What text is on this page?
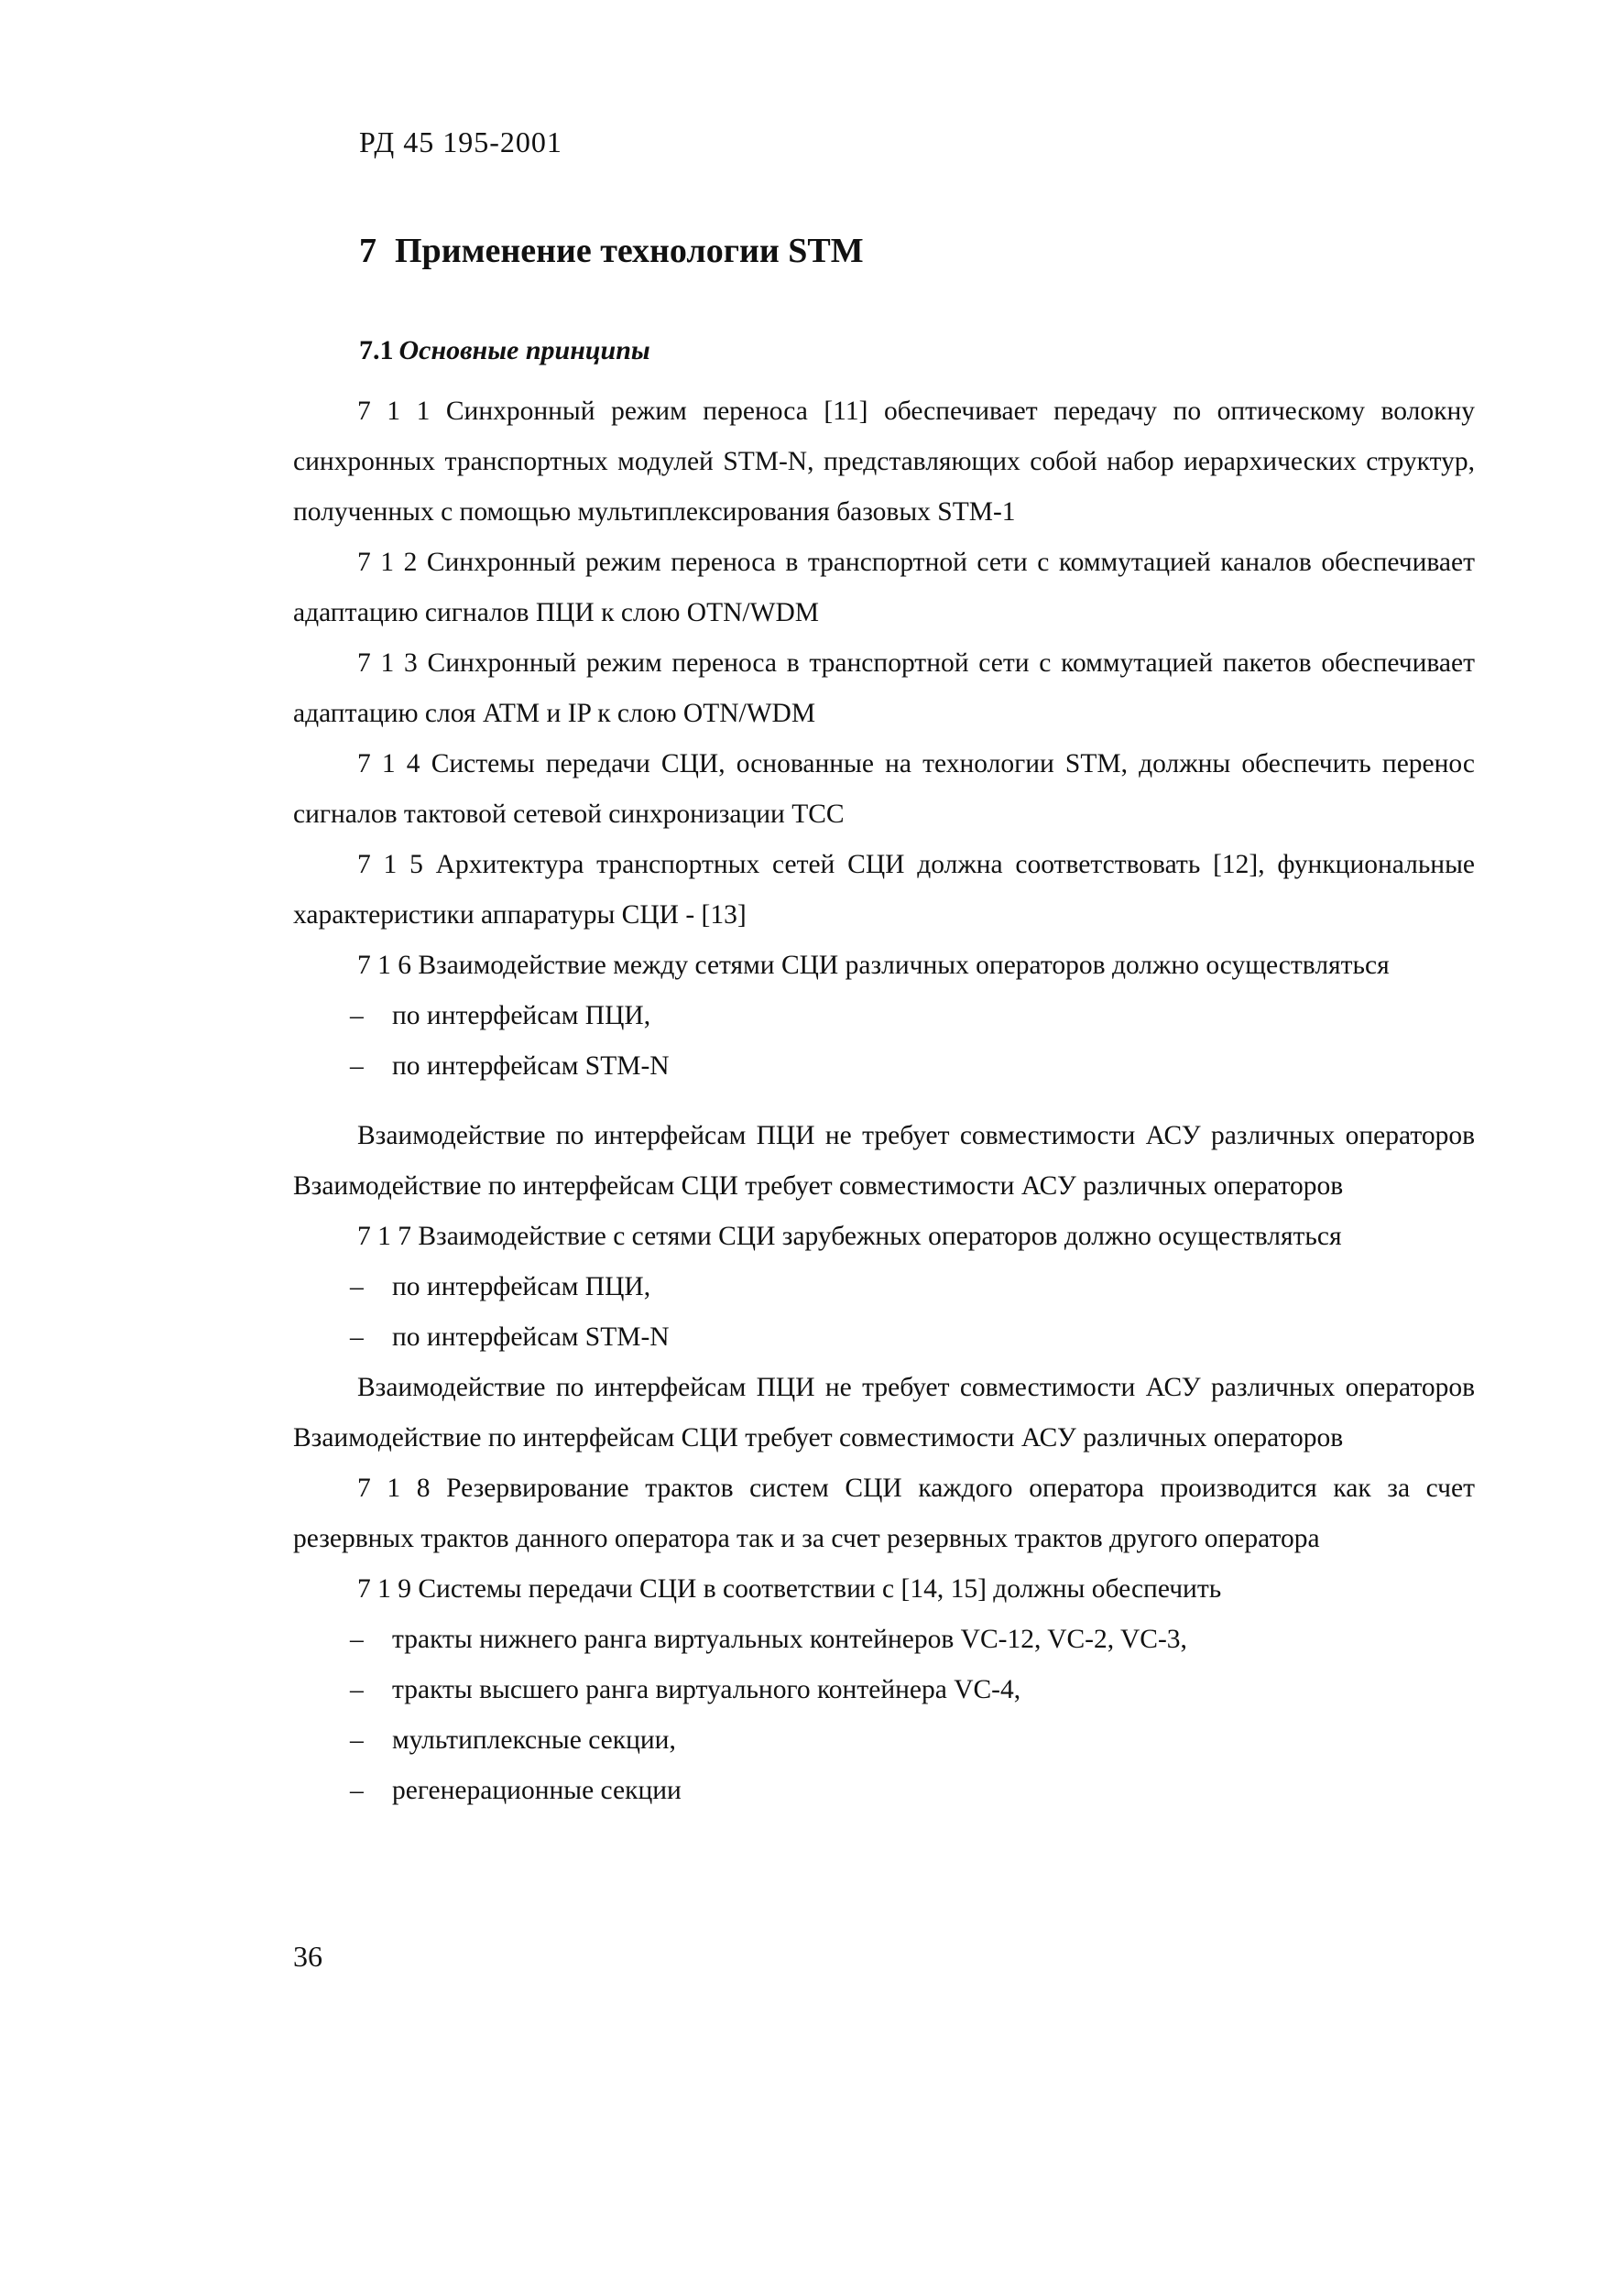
РД 45 195-2001
7 Применение технологии STM
7.1 Основные принципы

7 1 1 Синхронный режим переноса [11] обеспечивает передачу по оптическому волокну синхронных транспортных модулей STM-N, представляющих собой набор иерархических структур, полученных с помощью мультиплексирования базовых STM-1

7 1 2 Синхронный режим переноса в транспортной сети с коммутацией каналов обеспечивает адаптацию сигналов ПЦИ к слою OTN/WDM

7 1 3 Синхронный режим переноса в транспортной сети с коммутацией пакетов обеспечивает адаптацию слоя ATM и IP к слою OTN/WDM

7 1 4 Системы передачи СЦИ, основанные на технологии STM, должны обеспечить перенос сигналов тактовой сетевой синхронизации ТСС

7 1 5 Архитектура транспортных сетей СЦИ должна соответствовать [12], функциональные характеристики аппаратуры СЦИ - [13]

7 1 6 Взаимодействие между сетями СЦИ различных операторов должно осуществляться

– по интерфейсам ПЦИ,
– по интерфейсам STM-N

Взаимодействие по интерфейсам ПЦИ не требует совместимости АСУ различных операторов Взаимодействие по интерфейсам СЦИ требует совместимости АСУ различных операторов

7 1 7 Взаимодействие с сетями СЦИ зарубежных операторов должно осуществляться

– по интерфейсам ПЦИ,
– по интерфейсам STM-N

Взаимодействие по интерфейсам ПЦИ не требует совместимости АСУ различных операторов Взаимодействие по интерфейсам СЦИ требует совместимости АСУ различных операторов

7 1 8 Резервирование трактов систем СЦИ каждого оператора производится как за счет резервных трактов данного оператора так и за счет резервных трактов другого оператора

7 1 9 Системы передачи СЦИ в соответствии с [14, 15] должны обеспечить

– тракты нижнего ранга виртуальных контейнеров VC-12, VC-2, VC-3,
– тракты высшего ранга виртуального контейнера VC-4,
– мультиплексные секции,
– регенерационные секции
36
